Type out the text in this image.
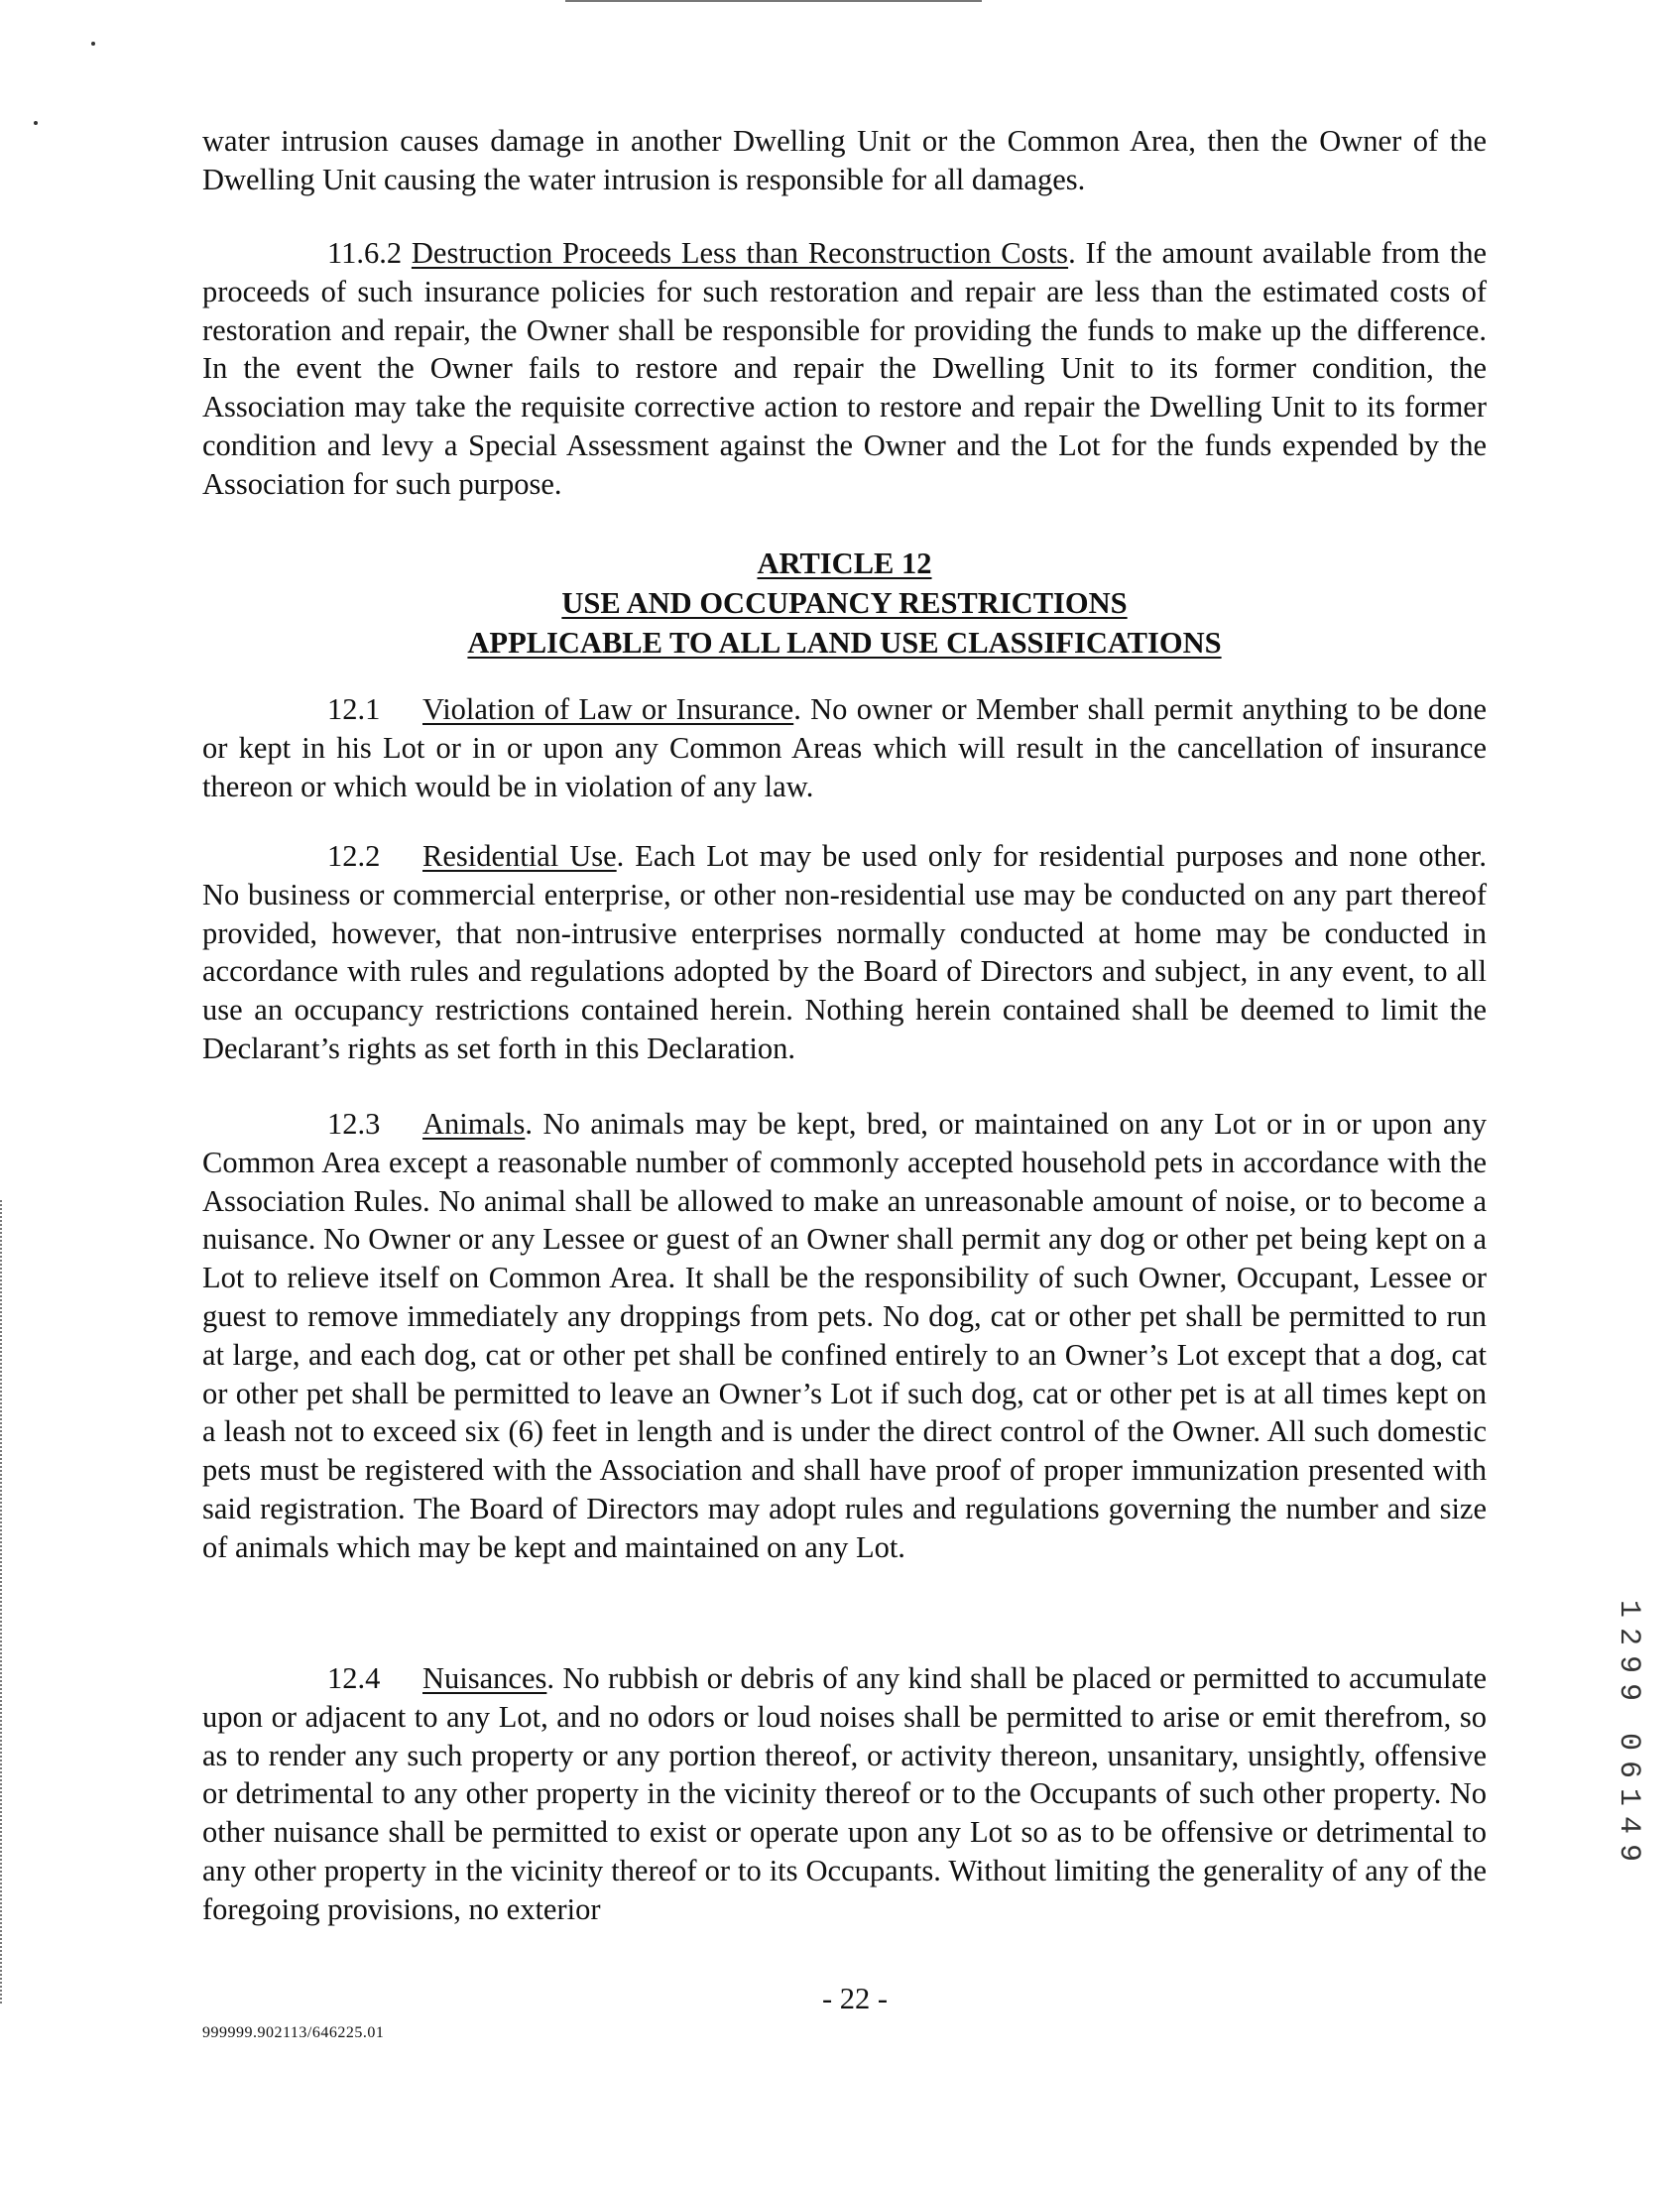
water intrusion causes damage in another Dwelling Unit or the Common Area, then the Owner of the Dwelling Unit causing the water intrusion is responsible for all damages.
11.6.2 Destruction Proceeds Less than Reconstruction Costs. If the amount available from the proceeds of such insurance policies for such restoration and repair are less than the estimated costs of restoration and repair, the Owner shall be responsible for providing the funds to make up the difference. In the event the Owner fails to restore and repair the Dwelling Unit to its former condition, the Association may take the requisite corrective action to restore and repair the Dwelling Unit to its former condition and levy a Special Assessment against the Owner and the Lot for the funds expended by the Association for such purpose.
ARTICLE 12
USE AND OCCUPANCY RESTRICTIONS
APPLICABLE TO ALL LAND USE CLASSIFICATIONS
12.1 Violation of Law or Insurance. No owner or Member shall permit anything to be done or kept in his Lot or in or upon any Common Areas which will result in the cancellation of insurance thereon or which would be in violation of any law.
12.2 Residential Use. Each Lot may be used only for residential purposes and none other. No business or commercial enterprise, or other non-residential use may be conducted on any part thereof provided, however, that non-intrusive enterprises normally conducted at home may be conducted in accordance with rules and regulations adopted by the Board of Directors and subject, in any event, to all use an occupancy restrictions contained herein. Nothing herein contained shall be deemed to limit the Declarant’s rights as set forth in this Declaration.
12.3 Animals. No animals may be kept, bred, or maintained on any Lot or in or upon any Common Area except a reasonable number of commonly accepted household pets in accordance with the Association Rules. No animal shall be allowed to make an unreasonable amount of noise, or to become a nuisance. No Owner or any Lessee or guest of an Owner shall permit any dog or other pet being kept on a Lot to relieve itself on Common Area. It shall be the responsibility of such Owner, Occupant, Lessee or guest to remove immediately any droppings from pets. No dog, cat or other pet shall be permitted to run at large, and each dog, cat or other pet shall be confined entirely to an Owner’s Lot except that a dog, cat or other pet shall be permitted to leave an Owner’s Lot if such dog, cat or other pet is at all times kept on a leash not to exceed six (6) feet in length and is under the direct control of the Owner. All such domestic pets must be registered with the Association and shall have proof of proper immunization presented with said registration. The Board of Directors may adopt rules and regulations governing the number and size of animals which may be kept and maintained on any Lot.
12.4 Nuisances. No rubbish or debris of any kind shall be placed or permitted to accumulate upon or adjacent to any Lot, and no odors or loud noises shall be permitted to arise or emit therefrom, so as to render any such property or any portion thereof, or activity thereon, unsanitary, unsightly, offensive or detrimental to any other property in the vicinity thereof or to the Occupants of such other property. No other nuisance shall be permitted to exist or operate upon any Lot so as to be offensive or detrimental to any other property in the vicinity thereof or to its Occupants. Without limiting the generality of any of the foregoing provisions, no exterior
1
2
9
9
0
6
1
4
9
- 22 -
999999.902113/646225.01
